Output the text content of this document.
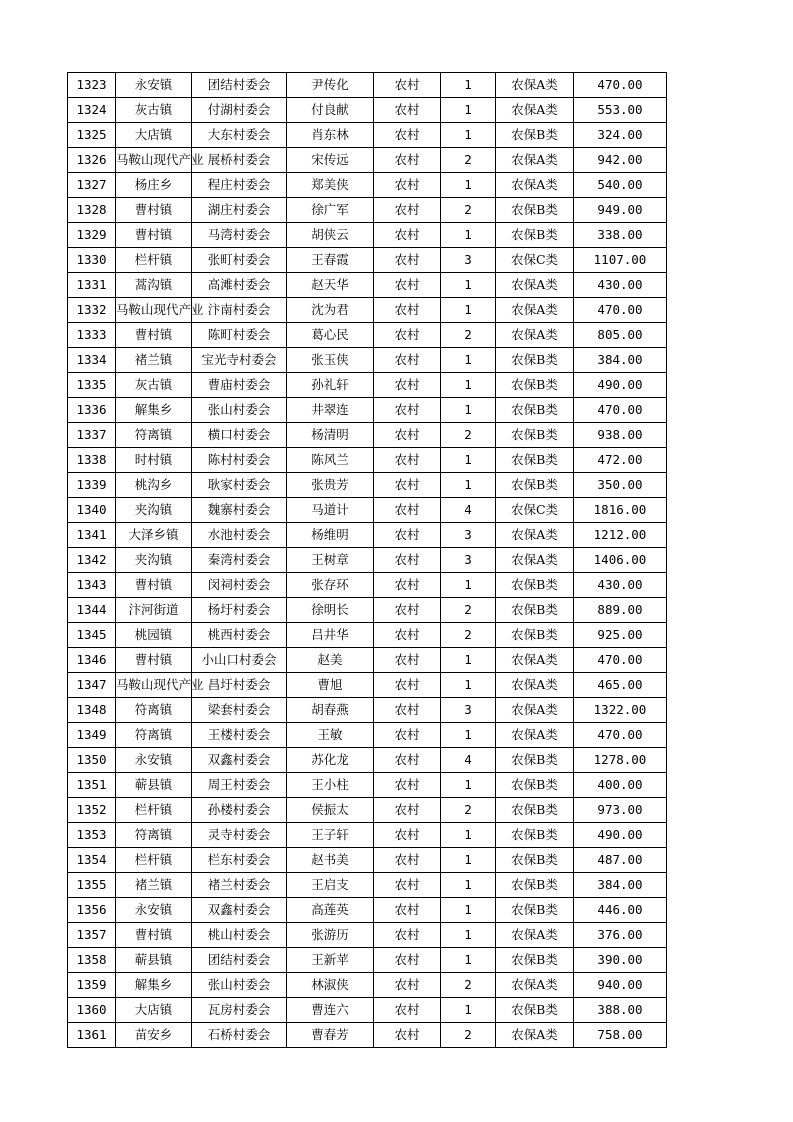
1323	永安镇	团结村委会	尹传化	农村	1	农保A类	470.00
1324	灰古镇	付湖村委会	付良献	农村	1	农保A类	553.00
1325	大店镇	大东村委会	肖东林	农村	1	农保B类	324.00
1326	马鞍山现代产业	展桥村委会	宋传远	农村	2	农保A类	942.00
1327	杨庄乡	程庄村委会	郑美侠	农村	1	农保A类	540.00
1328	曹村镇	湖庄村委会	徐广军	农村	2	农保B类	949.00
1329	曹村镇	马湾村委会	胡侠云	农村	1	农保B类	338.00
1330	栏杆镇	张町村委会	王春霞	农村	3	农保C类	1107.00
1331	蒿沟镇	高滩村委会	赵天华	农村	1	农保A类	430.00
1332	马鞍山现代产业	汴南村委会	沈为君	农村	1	农保A类	470.00
1333	曹村镇	陈町村委会	葛心民	农村	2	农保A类	805.00
1334	褚兰镇	宝光寺村委会	张玉侠	农村	1	农保B类	384.00
1335	灰古镇	曹庙村委会	孙礼轩	农村	1	农保B类	490.00
1336	解集乡	张山村委会	井翠连	农村	1	农保B类	470.00
1337	符离镇	横口村委会	杨清明	农村	2	农保B类	938.00
1338	时村镇	陈村村委会	陈风兰	农村	1	农保B类	472.00
1339	桃沟乡	耿家村委会	张贵芳	农村	1	农保B类	350.00
1340	夹沟镇	魏寨村委会	马道计	农村	4	农保C类	1816.00
1341	大泽乡镇	水池村委会	杨维明	农村	3	农保A类	1212.00
1342	夹沟镇	秦湾村委会	王树章	农村	3	农保A类	1406.00
1343	曹村镇	闵祠村委会	张存环	农村	1	农保B类	430.00
1344	汴河街道	杨圩村委会	徐明长	农村	2	农保B类	889.00
1345	桃园镇	桃西村委会	吕井华	农村	2	农保B类	925.00
1346	曹村镇	小山口村委会	赵美	农村	1	农保A类	470.00
1347	马鞍山现代产业	昌圩村委会	曹旭	农村	1	农保A类	465.00
1348	符离镇	梁套村委会	胡春燕	农村	3	农保A类	1322.00
1349	符离镇	王楼村委会	王敏	农村	1	农保A类	470.00
1350	永安镇	双鑫村委会	苏化龙	农村	4	农保B类	1278.00
1351	蕲县镇	周王村委会	王小柱	农村	1	农保B类	400.00
1352	栏杆镇	孙楼村委会	侯振太	农村	2	农保B类	973.00
1353	符离镇	灵寺村委会	王子轩	农村	1	农保B类	490.00
1354	栏杆镇	栏东村委会	赵书美	农村	1	农保B类	487.00
1355	褚兰镇	褚兰村委会	王启支	农村	1	农保B类	384.00
1356	永安镇	双鑫村委会	高莲英	农村	1	农保B类	446.00
1357	曹村镇	桃山村委会	张游历	农村	1	农保A类	376.00
1358	蕲县镇	团结村委会	王新苹	农村	1	农保B类	390.00
1359	解集乡	张山村委会	林淑侠	农村	2	农保A类	940.00
1360	大店镇	瓦房村委会	曹连六	农村	1	农保B类	388.00
1361	苗安乡	石桥村委会	曹春芳	农村	2	农保A类	758.00
